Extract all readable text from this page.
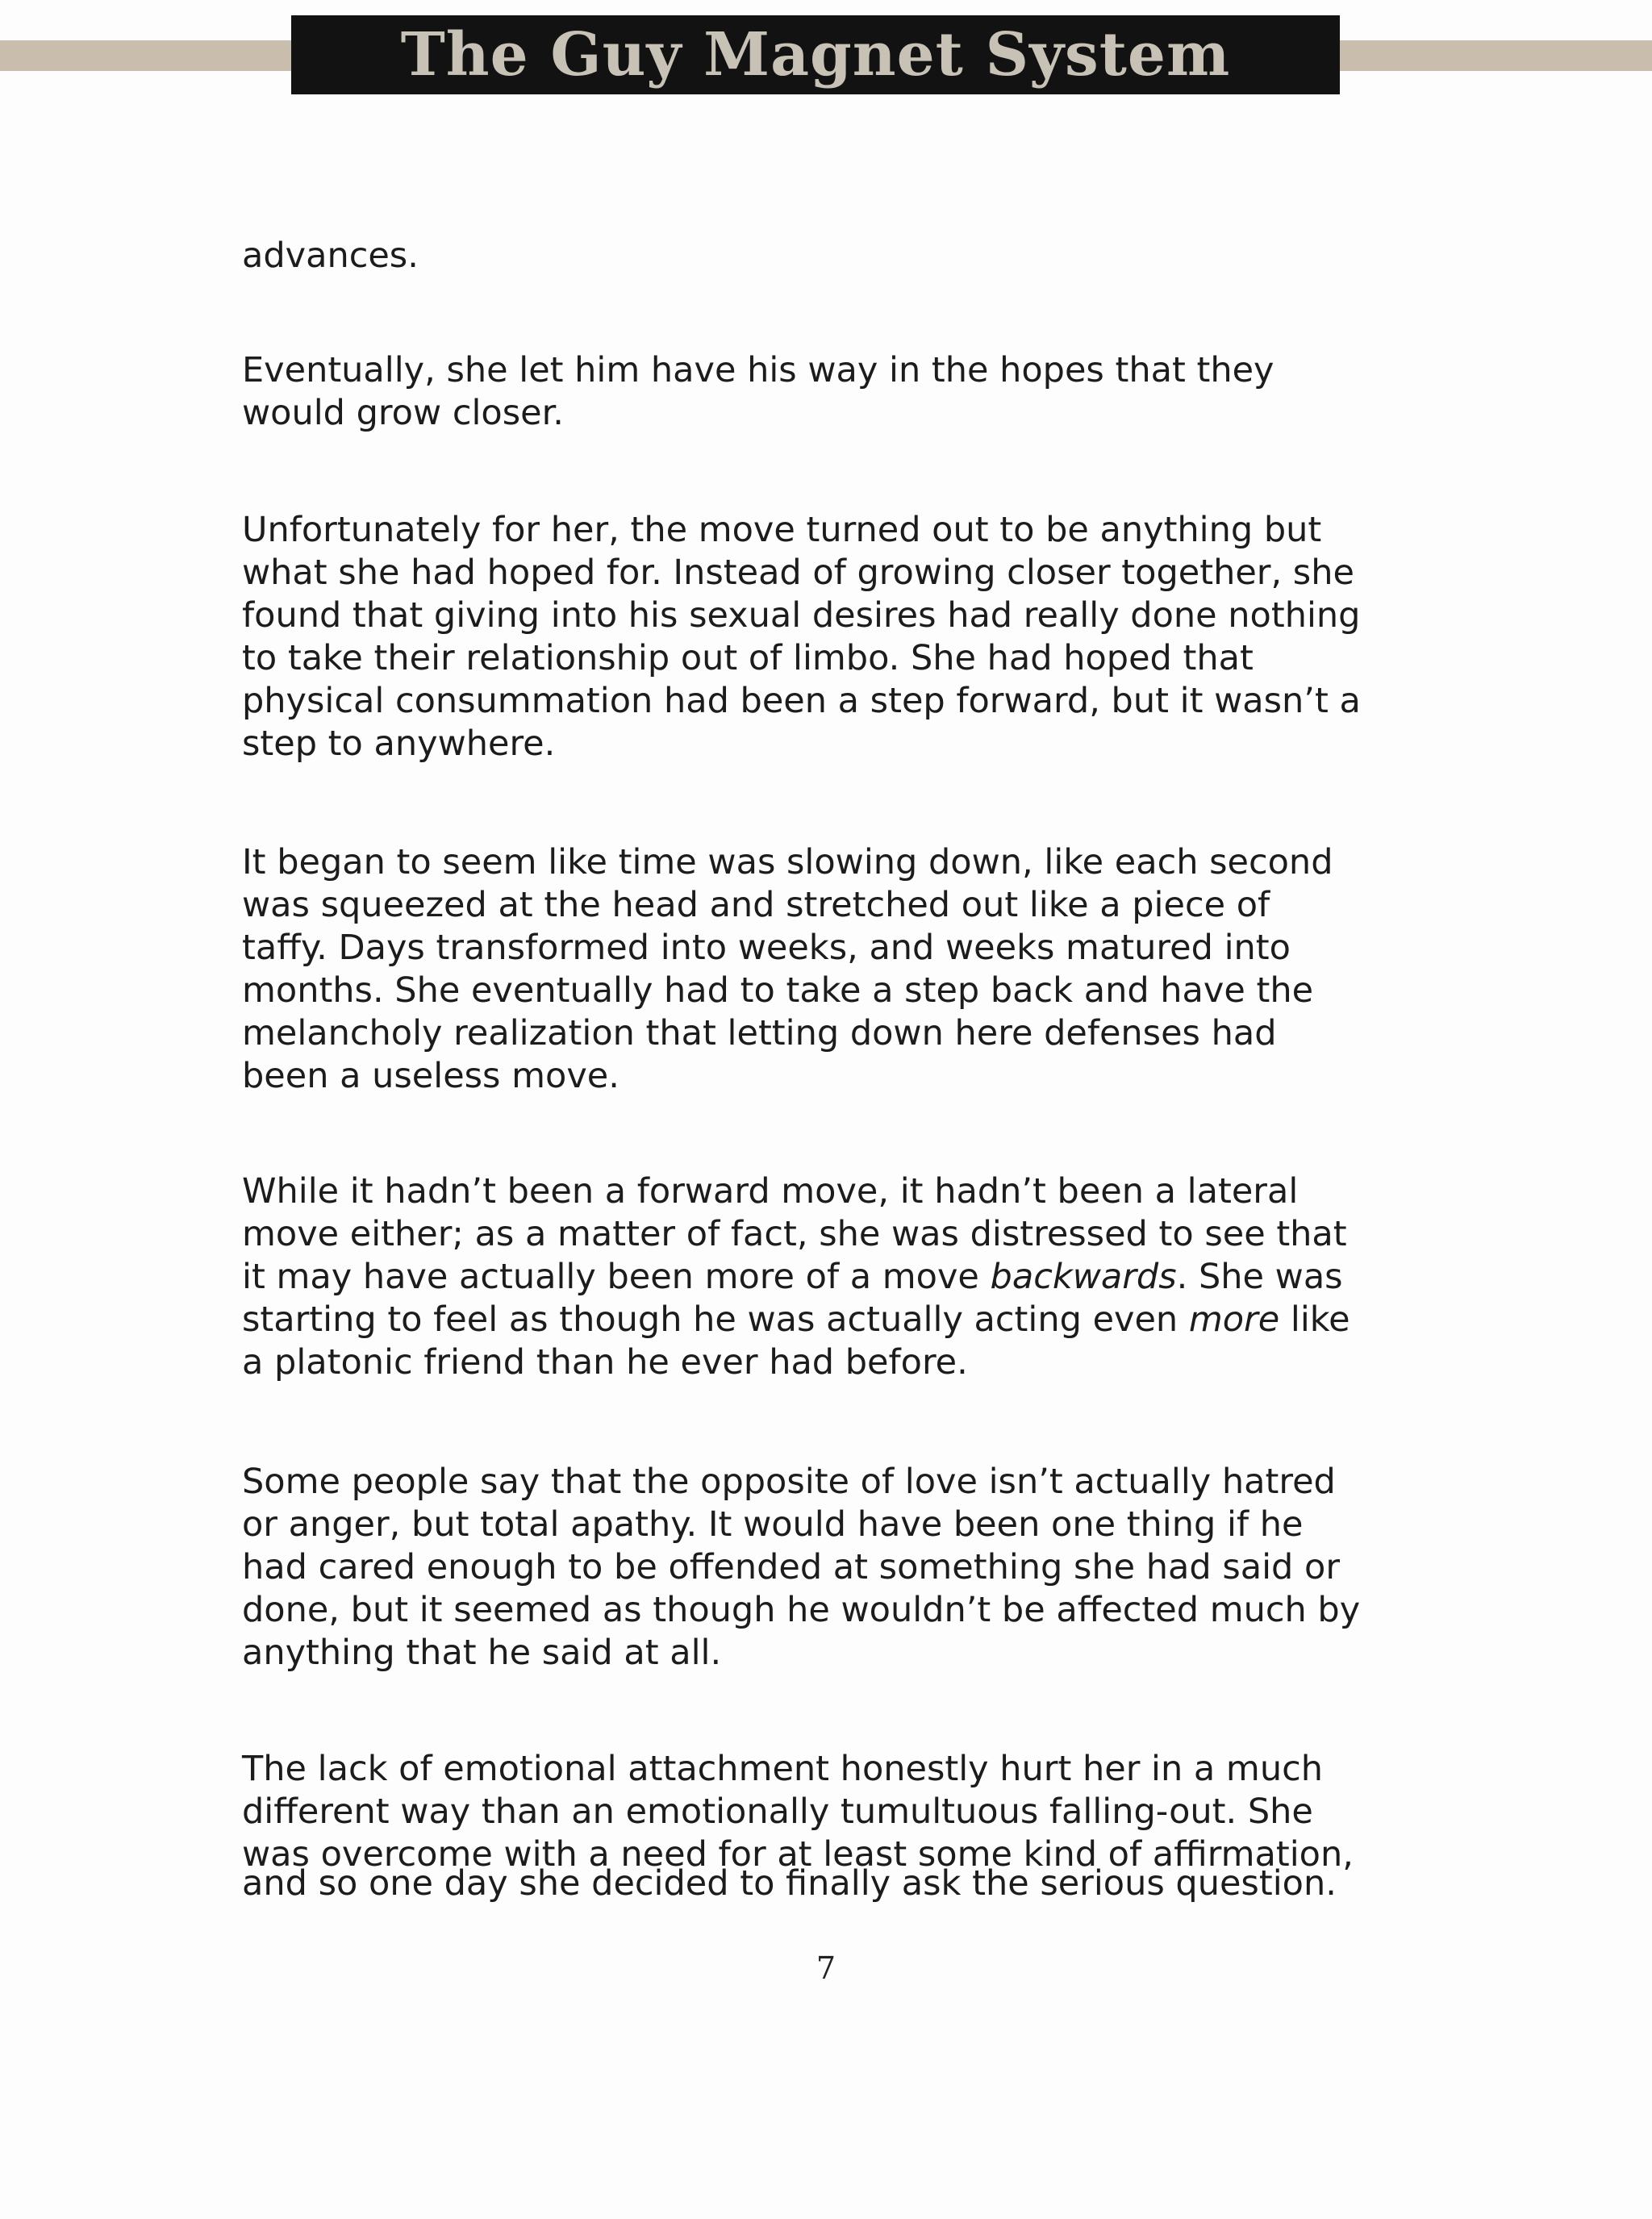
The Guy Magnet System

advances.

Eventually, she let him have his way in the hopes that they
would grow closer.

Unfortunately for her, the move turned out to be anything but
what she had hoped for. Instead of growing closer together, she
found that giving into his sexual desires had really done nothing
to take their relationship out of limbo. She had hoped that
physical consummation had been a step forward, but it wasn’t a
step to anywhere.

It began to seem like time was slowing down, like each second
was squeezed at the head and stretched out like a piece of
taffy. Days transformed into weeks, and weeks matured into
months. She eventually had to take a step back and have the
melancholy realization that letting down here defenses had
been a useless move.

While it hadn’t been a forward move, it hadn’t been a lateral
move either; as a matter of fact, she was distressed to see that
it may have actually been more of a move backwards. She was
starting to feel as though he was actually acting even more like
a platonic friend than he ever had before.

Some people say that the opposite of love isn’t actually hatred
or anger, but total apathy. It would have been one thing if he
had cared enough to be offended at something she had said or
done, but it seemed as though he wouldn’t be affected much by
anything that he said at all.

The lack of emotional attachment honestly hurt her in a much
different way than an emotionally tumultuous falling-out. She
was overcome with a need for at least some kind of affirmation,

and so one day she decided to finally ask the serious question.

7
